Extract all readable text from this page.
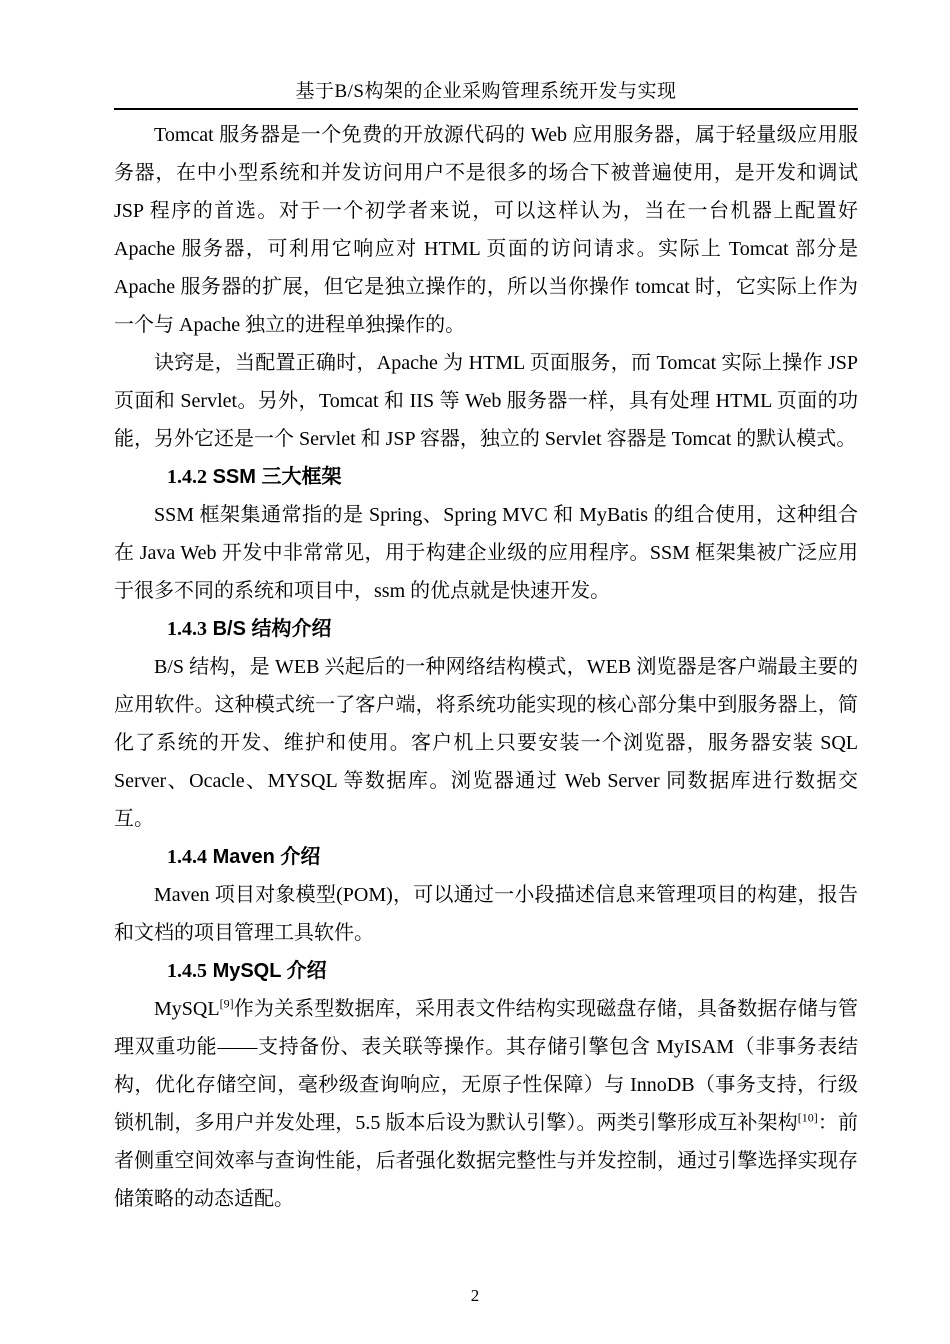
基于B/S构架的企业采购管理系统开发与实现

Tomcat 服务器是一个免费的开放源代码的 Web 应用服务器，属于轻量级应用服务器，在中小型系统和并发访问用户不是很多的场合下被普遍使用，是开发和调试 JSP 程序的首选。对于一个初学者来说，可以这样认为，当在一台机器上配置好 Apache 服务器，可利用它响应对 HTML 页面的访问请求。实际上 Tomcat 部分是 Apache 服务器的扩展，但它是独立操作的，所以当你操作 tomcat 时，它实际上作为一个与 Apache 独立的进程单独操作的。

诀窍是，当配置正确时，Apache 为 HTML 页面服务，而 Tomcat 实际上操作 JSP 页面和 Servlet。另外，Tomcat 和 IIS 等 Web 服务器一样，具有处理 HTML 页面的功能，另外它还是一个 Servlet 和 JSP 容器，独立的 Servlet 容器是 Tomcat 的默认模式。

1.4.2 SSM 三大框架

SSM 框架集通常指的是 Spring、Spring MVC 和 MyBatis 的组合使用，这种组合在 Java Web 开发中非常常见，用于构建企业级的应用程序。SSM 框架集被广泛应用于很多不同的系统和项目中，ssm 的优点就是快速开发。

1.4.3 B/S 结构介绍

B/S 结构，是 WEB 兴起后的一种网络结构模式，WEB 浏览器是客户端最主要的应用软件。这种模式统一了客户端，将系统功能实现的核心部分集中到服务器上，简化了系统的开发、维护和使用。客户机上只要安装一个浏览器，服务器安装 SQL Server、Ocacle、MYSQL 等数据库。浏览器通过 Web Server 同数据库进行数据交互。

1.4.4 Maven 介绍

Maven 项目对象模型(POM)，可以通过一小段描述信息来管理项目的构建，报告和文档的项目管理工具软件。

1.4.5 MySQL 介绍

MySQL[9]作为关系型数据库，采用表文件结构实现磁盘存储，具备数据存储与管理双重功能——支持备份、表关联等操作。其存储引擎包含 MyISAM（非事务表结构，优化存储空间，毫秒级查询响应，无原子性保障）与 InnoDB（事务支持，行级锁机制，多用户并发处理，5.5 版本后设为默认引擎）。两类引擎形成互补架构[10]：前者侧重空间效率与查询性能，后者强化数据完整性与并发控制，通过引擎选择实现存储策略的动态适配。

2
